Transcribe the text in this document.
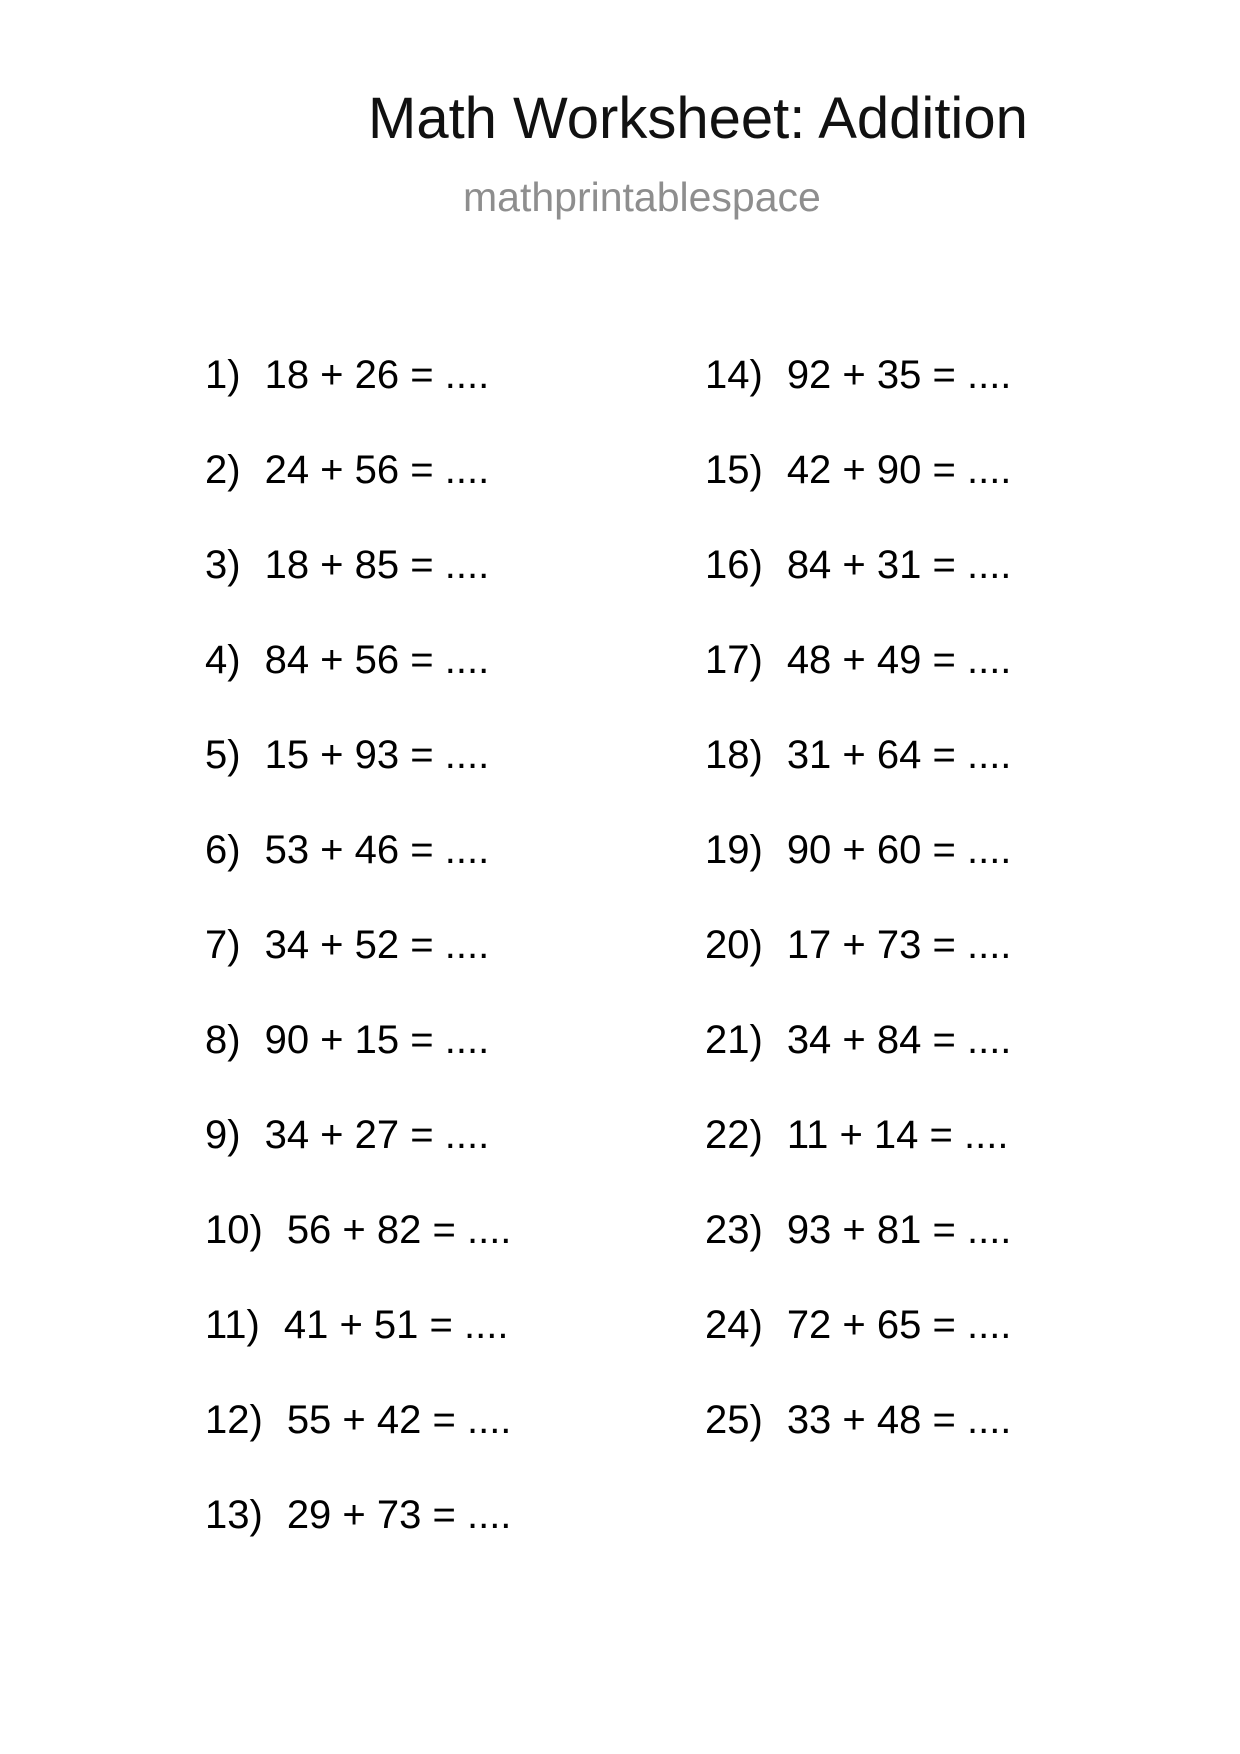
Math Worksheet: Addition
mathprintablespace
1) 18 + 26 = ....
2) 24 + 56 = ....
3) 18 + 85 = ....
4) 84 + 56 = ....
5) 15 + 93 = ....
6) 53 + 46 = ....
7) 34 + 52 = ....
8) 90 + 15 = ....
9) 34 + 27 = ....
10) 56 + 82 = ....
11) 41 + 51 = ....
12) 55 + 42 = ....
13) 29 + 73 = ....
14) 92 + 35 = ....
15) 42 + 90 = ....
16) 84 + 31 = ....
17) 48 + 49 = ....
18) 31 + 64 = ....
19) 90 + 60 = ....
20) 17 + 73 = ....
21) 34 + 84 = ....
22) 11 + 14 = ....
23) 93 + 81 = ....
24) 72 + 65 = ....
25) 33 + 48 = ....
